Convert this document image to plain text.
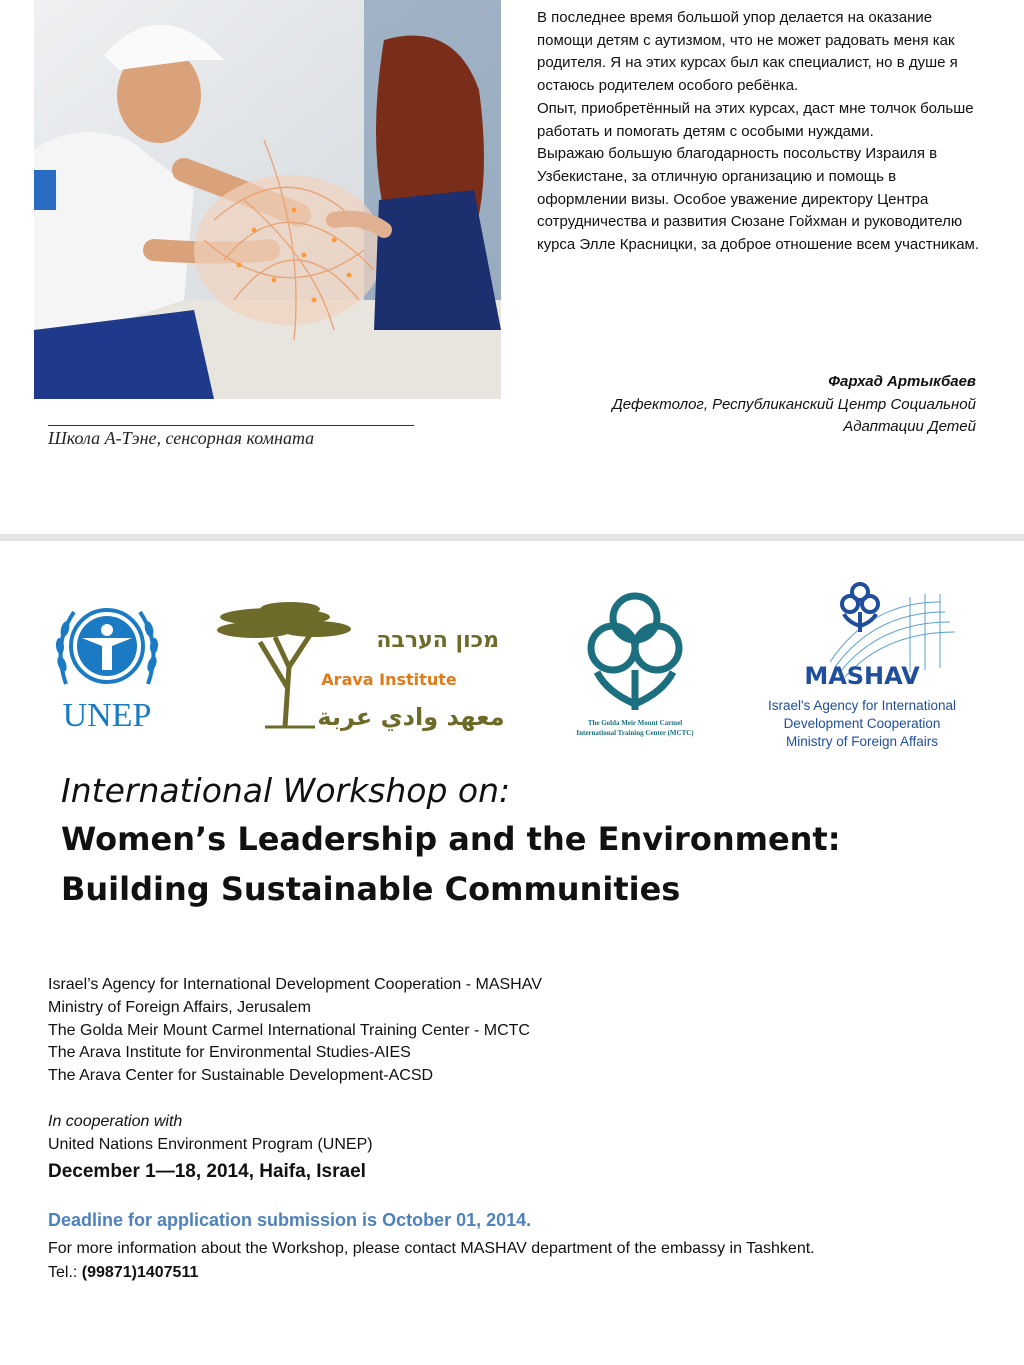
Школа А-Тэне, сенсорная комната

В последнее время большой упор делается на оказание помощи детям с аутизмом, что не может радовать меня как родителя. Я на этих курсах был как специалист, но в душе я остаюсь родителем особого ребёнка.

Опыт, приобретённый на этих курсах, даст мне толчок больше работать и помогать детям с особыми нуждами.

Выражаю большую благодарность посольству Израиля в Узбекистане, за отличную организацию и помощь в оформлении визы. Особое уважение директору Центра сотрудничества и развития Сюзане Гойхман и руководителю курса Элле Красницки, за доброе отношение всем участникам.

Фархад Артыкбаев
Дефектолог, Республиканский Центр Социальной
Адаптации Детей
UNEP
מכון הערבה
Arava Institute
معهد وادي عربة	The Golda Meir Mount Carmel
International Training Center (MCTC)
MASHAV
Israel's Agency for International
Development Cooperation
Ministry of Foreign Affairs
International Workshop on:
Women’s Leadership and the Environment:
Building Sustainable Communities
Israel’s Agency for International Development Cooperation - MASHAV
Ministry of Foreign Affairs, Jerusalem
The Golda Meir Mount Carmel International Training Center - MCTC
The Arava Institute for Environmental Studies-AIES
The Arava Center for Sustainable Development-ACSD
In cooperation with
United Nations Environment Program (UNEP)
December 1—18, 2014, Haifa, Israel
Deadline for application submission is October 01, 2014.
For more information about the Workshop, please contact MASHAV department of the embassy in Tashkent.
Tel.: (99871)1407511
